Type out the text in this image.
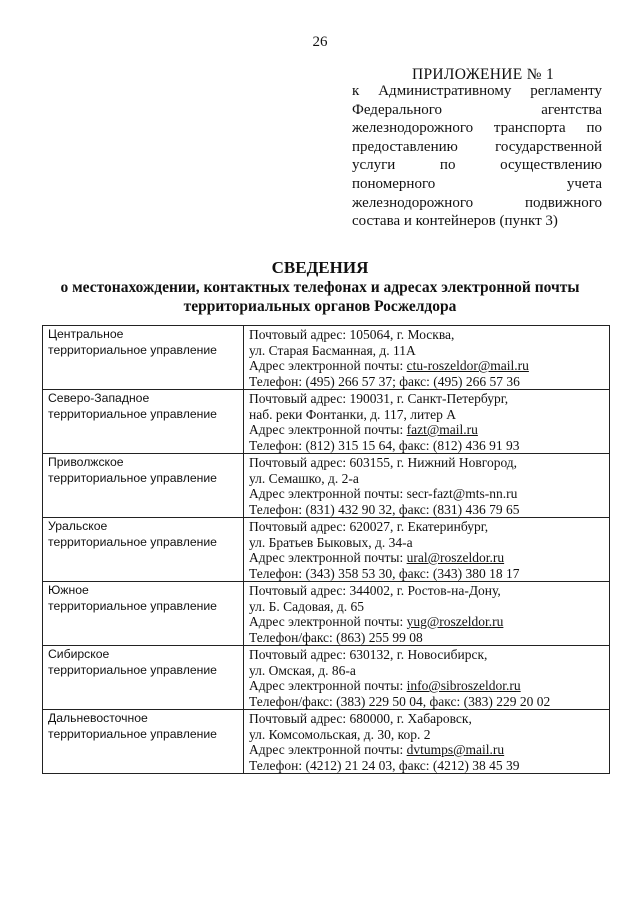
26
ПРИЛОЖЕНИЕ № 1
к Административному регламенту
Федерального агентства
железнодорожного транспорта по
предоставлению государственной
услуги по осуществлению
пономерного учета
железнодорожного подвижного
состава и контейнеров (пункт 3)
СВЕДЕНИЯ
о местонахождении, контактных телефонах и адресах электронной почты
территориальных органов Росжелдора
Центральное
территориальное управление	Почтовый адрес: 105064, г. Москва,
ул. Старая Басманная, д. 11А
Адрес электронной почты: ctu-roszeldor@mail.ru
Телефон: (495) 266 57 37; факс: (495) 266 57 36

Северо-Западное
территориальное управление	Почтовый адрес: 190031, г. Санкт-Петербург,
наб. реки Фонтанки, д. 117, литер А
Адрес электронной почты: fazt@mail.ru
Телефон: (812) 315 15 64, факс: (812) 436 91 93

Приволжское
территориальное управление	Почтовый адрес: 603155, г. Нижний Новгород,
ул. Семашко, д. 2-а
Адрес электронной почты: secr-fazt@mts-nn.ru
Телефон: (831) 432 90 32, факс: (831) 436 79 65

Уральское
территориальное управление	Почтовый адрес: 620027, г. Екатеринбург,
ул. Братьев Быковых, д. 34-а
Адрес электронной почты: ural@roszeldor.ru
Телефон: (343) 358 53 30, факс: (343) 380 18 17

Южное
территориальное управление	Почтовый адрес: 344002, г. Ростов-на-Дону,
ул. Б. Садовая, д. 65
Адрес электронной почты: yug@roszeldor.ru
Телефон/факс: (863) 255 99 08

Сибирское
территориальное управление	Почтовый адрес: 630132, г. Новосибирск,
ул. Омская, д. 86-а
Адрес электронной почты: info@sibroszeldor.ru
Телефон/факс: (383) 229 50 04, факс: (383) 229 20 02

Дальневосточное
территориальное управление	Почтовый адрес: 680000, г. Хабаровск,
ул. Комсомольская, д. 30, кор. 2
Адрес электронной почты: dvtumps@mail.ru
Телефон: (4212) 21 24 03, факс: (4212) 38 45 39
